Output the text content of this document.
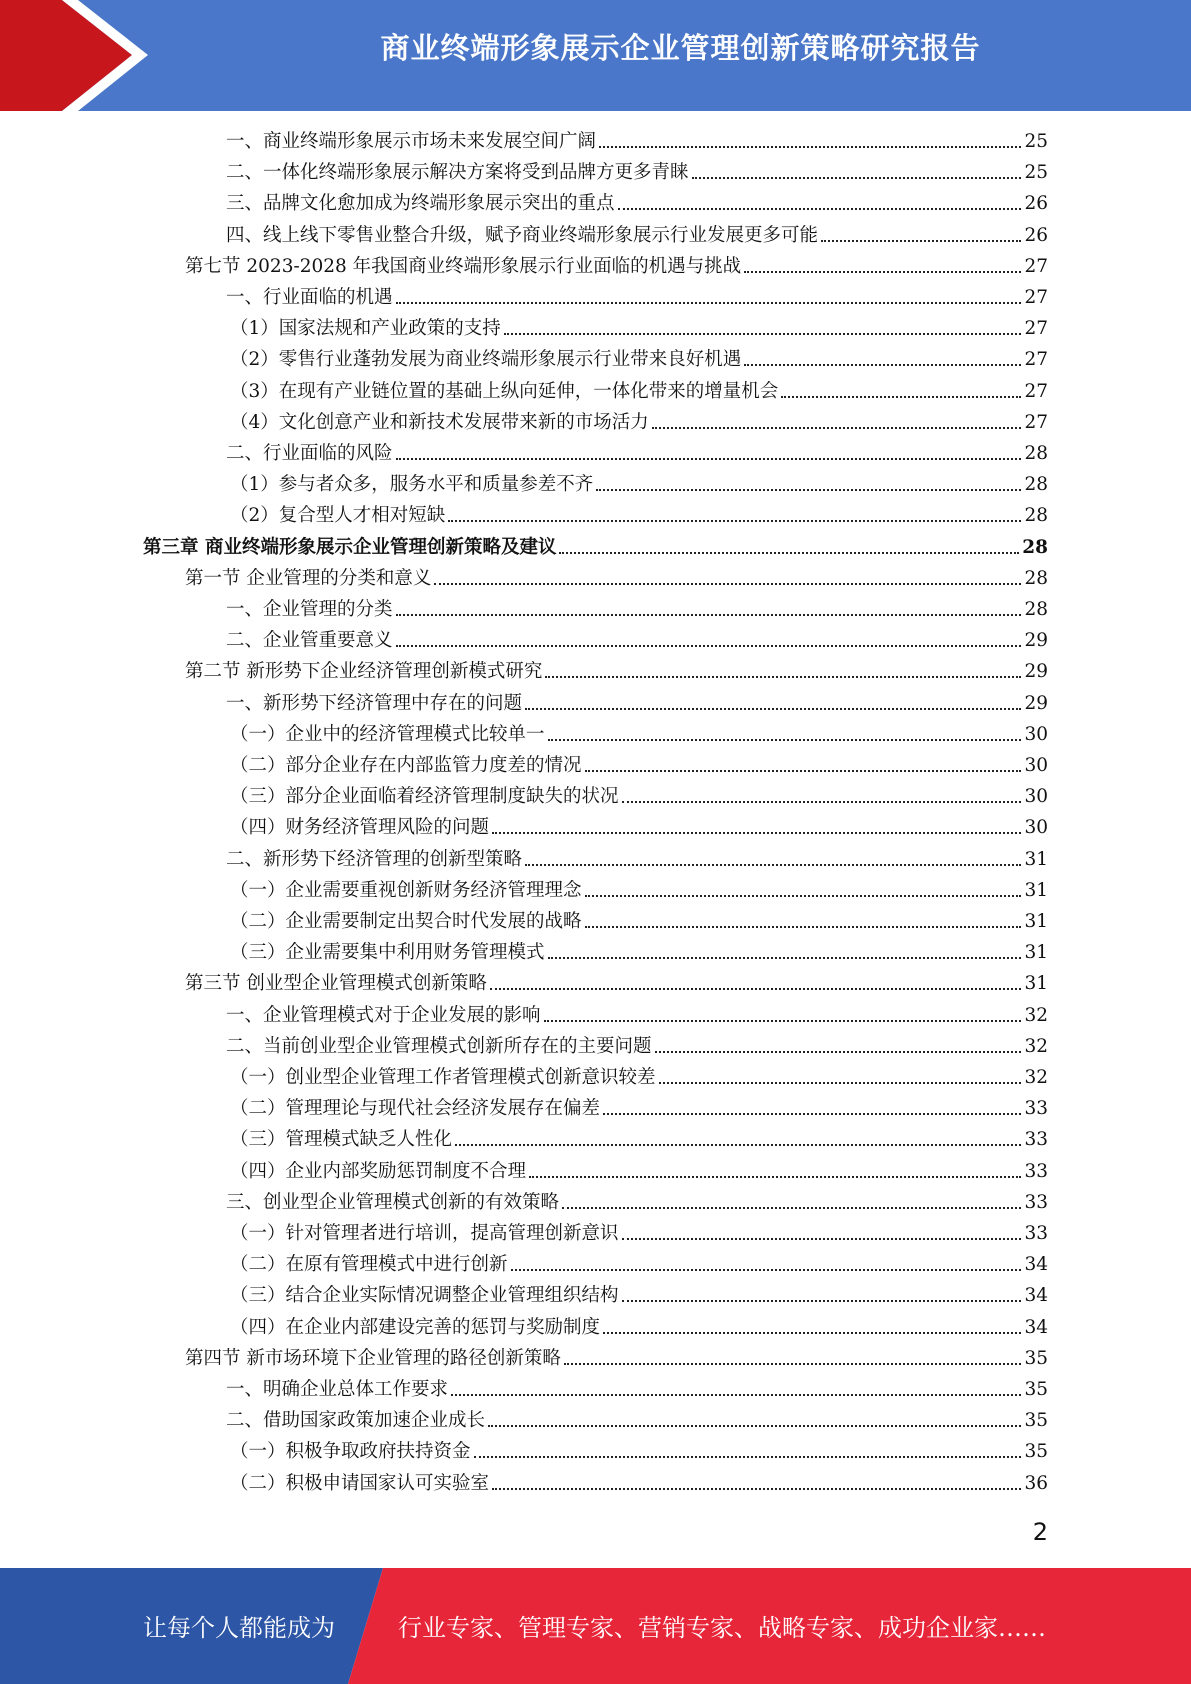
商业终端形象展示企业管理创新策略研究报告
一、商业终端形象展示市场未来发展空间广阔	25
二、一体化终端形象展示解决方案将受到品牌方更多青睐	25
三、品牌文化愈加成为终端形象展示突出的重点	26
四、线上线下零售业整合升级，赋予商业终端形象展示行业发展更多可能	26
第七节 2023-2028 年我国商业终端形象展示行业面临的机遇与挑战	27
一、行业面临的机遇	27
（1）国家法规和产业政策的支持	27
（2）零售行业蓬勃发展为商业终端形象展示行业带来良好机遇	27
（3）在现有产业链位置的基础上纵向延伸，一体化带来的增量机会	27
（4）文化创意产业和新技术发展带来新的市场活力	27
二、行业面临的风险	28
（1）参与者众多，服务水平和质量参差不齐	28
（2）复合型人才相对短缺	28
第三章 商业终端形象展示企业管理创新策略及建议	28
第一节 企业管理的分类和意义	28
一、企业管理的分类	28
二、企业管重要意义	29
第二节 新形势下企业经济管理创新模式研究	29
一、新形势下经济管理中存在的问题	29
（一）企业中的经济管理模式比较单一	30
（二）部分企业存在内部监管力度差的情况	30
（三）部分企业面临着经济管理制度缺失的状况	30
（四）财务经济管理风险的问题	30
二、新形势下经济管理的创新型策略	31
（一）企业需要重视创新财务经济管理理念	31
（二）企业需要制定出契合时代发展的战略	31
（三）企业需要集中利用财务管理模式	31
第三节 创业型企业管理模式创新策略	31
一、企业管理模式对于企业发展的影响	32
二、当前创业型企业管理模式创新所存在的主要问题	32
（一）创业型企业管理工作者管理模式创新意识较差	32
（二）管理理论与现代社会经济发展存在偏差	33
（三）管理模式缺乏人性化	33
（四）企业内部奖励惩罚制度不合理	33
三、创业型企业管理模式创新的有效策略	33
（一）针对管理者进行培训，提高管理创新意识	33
（二）在原有管理模式中进行创新	34
（三）结合企业实际情况调整企业管理组织结构	34
（四）在企业内部建设完善的惩罚与奖励制度	34
第四节 新市场环境下企业管理的路径创新策略	35
一、明确企业总体工作要求	35
二、借助国家政策加速企业成长	35
（一）积极争取政府扶持资金	35
（二）积极申请国家认可实验室	36
2
让每个人都能成为	行业专家、管理专家、营销专家、战略专家、成功企业家……
